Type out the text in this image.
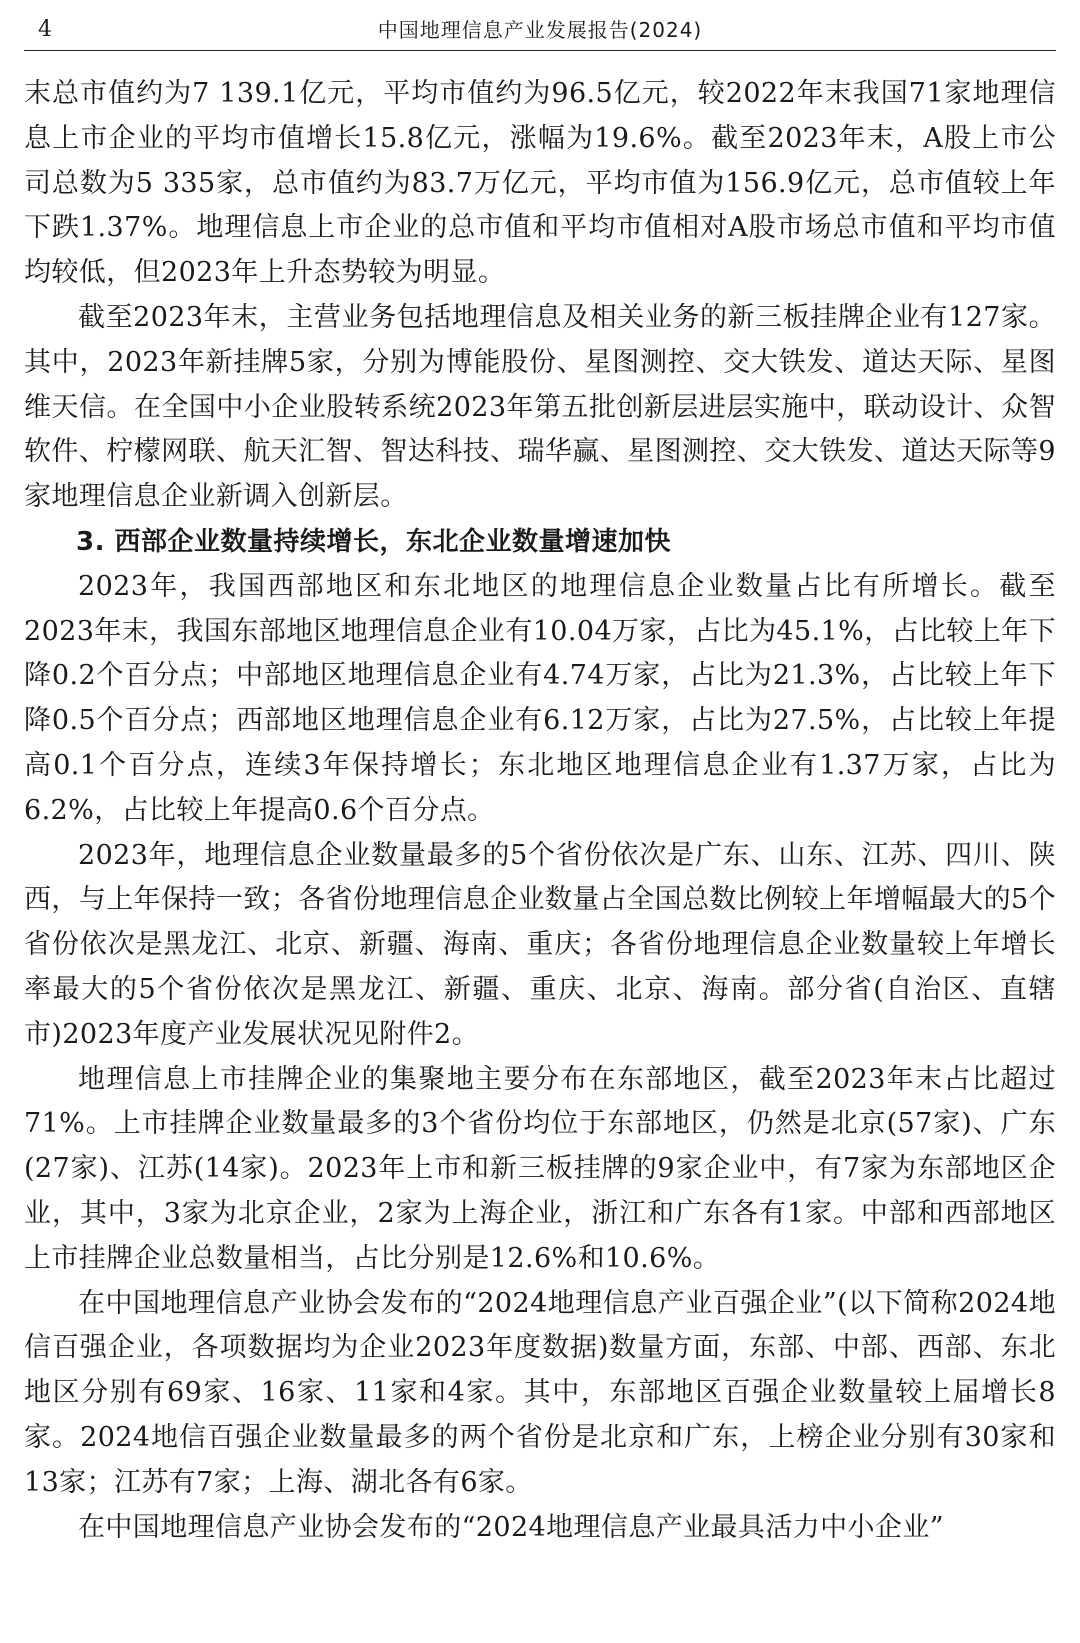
4	中国地理信息产业发展报告(2024)

末总市值约为7 139.1亿元，平均市值约为96.5亿元，较2022年末我国71家地理信息上市企业的平均市值增长15.8亿元，涨幅为19.6%。截至2023年末，A股上市公司总数为5 335家，总市值约为83.7万亿元，平均市值为156.9亿元，总市值较上年下跌1.37%。地理信息上市企业的总市值和平均市值相对A股市场总市值和平均市值均较低，但2023年上升态势较为明显。

截至2023年末，主营业务包括地理信息及相关业务的新三板挂牌企业有127家。其中，2023年新挂牌5家，分别为博能股份、星图测控、交大铁发、道达天际、星图维天信。在全国中小企业股转系统2023年第五批创新层进层实施中，联动设计、众智软件、柠檬网联、航天汇智、智达科技、瑞华赢、星图测控、交大铁发、道达天际等9家地理信息企业新调入创新层。

3. 西部企业数量持续增长，东北企业数量增速加快

2023年，我国西部地区和东北地区的地理信息企业数量占比有所增长。截至2023年末，我国东部地区地理信息企业有10.04万家，占比为45.1%，占比较上年下降0.2个百分点；中部地区地理信息企业有4.74万家，占比为21.3%，占比较上年下降0.5个百分点；西部地区地理信息企业有6.12万家，占比为27.5%，占比较上年提高0.1个百分点，连续3年保持增长；东北地区地理信息企业有1.37万家，占比为6.2%，占比较上年提高0.6个百分点。

2023年，地理信息企业数量最多的5个省份依次是广东、山东、江苏、四川、陕西，与上年保持一致；各省份地理信息企业数量占全国总数比例较上年增幅最大的5个省份依次是黑龙江、北京、新疆、海南、重庆；各省份地理信息企业数量较上年增长率最大的5个省份依次是黑龙江、新疆、重庆、北京、海南。部分省(自治区、直辖市)2023年度产业发展状况见附件2。

地理信息上市挂牌企业的集聚地主要分布在东部地区，截至2023年末占比超过71%。上市挂牌企业数量最多的3个省份均位于东部地区，仍然是北京(57家)、广东(27家)、江苏(14家)。2023年上市和新三板挂牌的9家企业中，有7家为东部地区企业，其中，3家为北京企业，2家为上海企业，浙江和广东各有1家。中部和西部地区上市挂牌企业总数量相当，占比分别是12.6%和10.6%。

在中国地理信息产业协会发布的“2024地理信息产业百强企业”(以下简称2024地信百强企业，各项数据均为企业2023年度数据)数量方面，东部、中部、西部、东北地区分别有69家、16家、11家和4家。其中，东部地区百强企业数量较上届增长8家。2024地信百强企业数量最多的两个省份是北京和广东，上榜企业分别有30家和13家；江苏有7家；上海、湖北各有6家。

在中国地理信息产业协会发布的“2024地理信息产业最具活力中小企业”
